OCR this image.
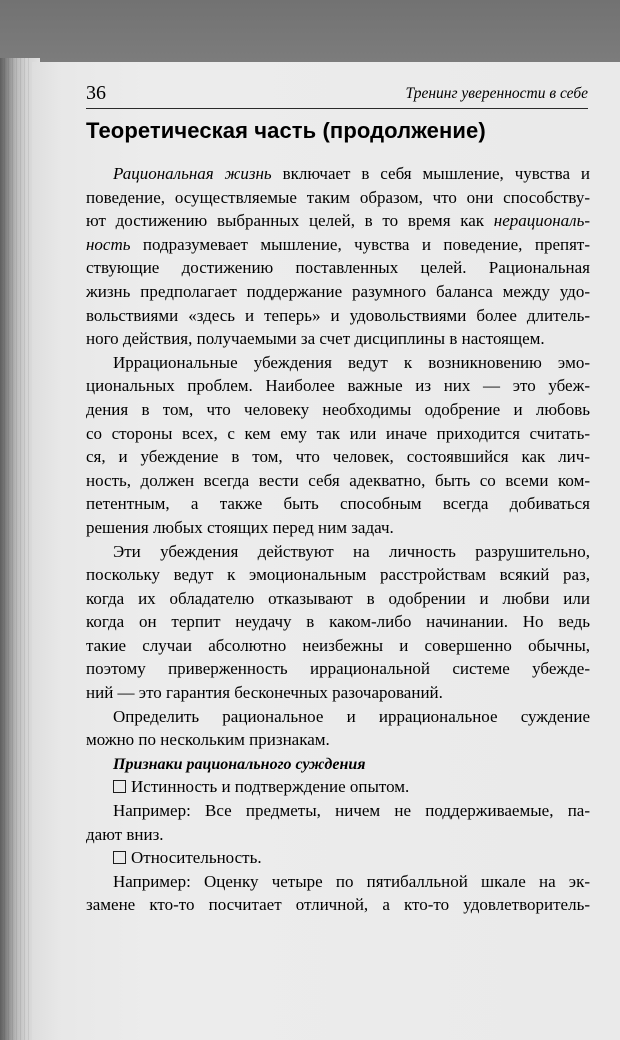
36	Тренинг уверенности в себе
Теоретическая часть (продолжение)
Рациональная жизнь включает в себя мышление, чувства и
поведение, осуществляемые таким образом, что они способству-
ют достижению выбранных целей, в то время как нерациональ-
ность подразумевает мышление, чувства и поведение, препят-
ствующие достижению поставленных целей. Рациональная
жизнь предполагает поддержание разумного баланса между удо-
вольствиями «здесь и теперь» и удовольствиями более длитель-
ного действия, получаемыми за счет дисциплины в настоящем.
Иррациональные убеждения ведут к возникновению эмо-
циональных проблем. Наиболее важные из них — это убеж-
дения в том, что человеку необходимы одобрение и любовь
со стороны всех, с кем ему так или иначе приходится считать-
ся, и убеждение в том, что человек, состоявшийся как лич-
ность, должен всегда вести себя адекватно, быть со всеми ком-
петентным, а также быть способным всегда добиваться
решения любых стоящих перед ним задач.
Эти убеждения действуют на личность разрушительно,
поскольку ведут к эмоциональным расстройствам всякий раз,
когда их обладателю отказывают в одобрении и любви или
когда он терпит неудачу в каком-либо начинании. Но ведь
такие случаи абсолютно неизбежны и совершенно обычны,
поэтому приверженность иррациональной системе убежде-
ний — это гарантия бесконечных разочарований.
Определить рациональное и иррациональное суждение
можно по нескольким признакам.
Признаки рационального суждения
Истинность и подтверждение опытом.
Например: Все предметы, ничем не поддерживаемые, па-
дают вниз.
Относительность.
Например: Оценку четыре по пятибалльной шкале на эк-
замене кто-то посчитает отличной, а кто-то удовлетворитель-
